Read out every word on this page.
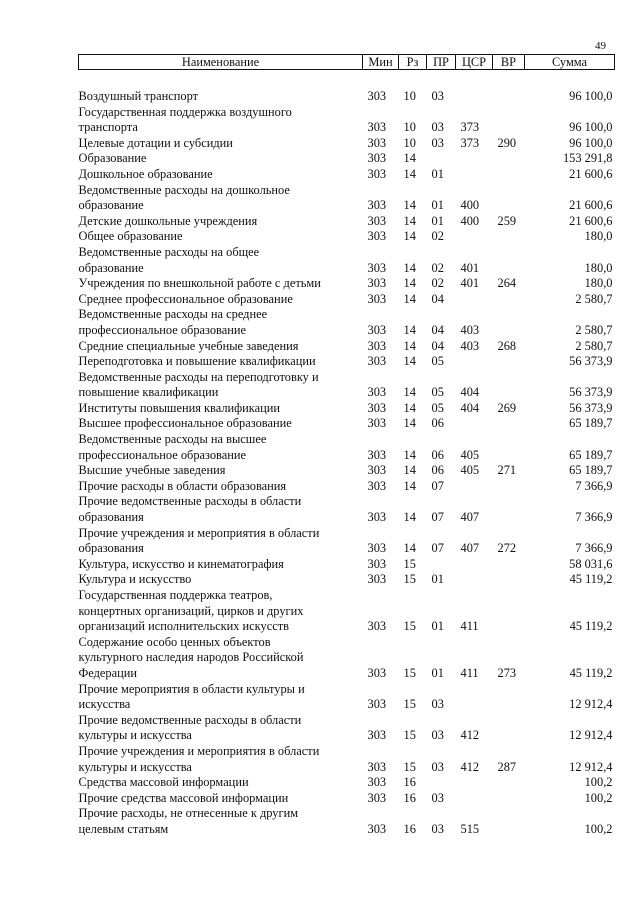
49
Наименование	Мин	Рз	ПР	ЦСР	ВР	Сумма

Воздушный транспорт	303	10	03			96 100,0
Государственная поддержка воздушного
транспорта	303	10	03	373		96 100,0
Целевые дотации и субсидии	303	10	03	373	290	96 100,0
Образование	303	14				153 291,8
Дошкольное образование	303	14	01			21 600,6
Ведомственные расходы на дошкольное
образование	303	14	01	400		21 600,6
Детские дошкольные учреждения	303	14	01	400	259	21 600,6
Общее образование	303	14	02			180,0
Ведомственные расходы на общее
образование	303	14	02	401		180,0
Учреждения по внешкольной работе с детьми	303	14	02	401	264	180,0
Среднее профессиональное образование	303	14	04			2 580,7
Ведомственные расходы на среднее
профессиональное образование	303	14	04	403		2 580,7
Средние специальные учебные заведения	303	14	04	403	268	2 580,7
Переподготовка и повышение квалификации	303	14	05			56 373,9
Ведомственные расходы на переподготовку и
повышение квалификации	303	14	05	404		56 373,9
Институты повышения квалификации	303	14	05	404	269	56 373,9
Высшее профессиональное образование	303	14	06			65 189,7
Ведомственные расходы на высшее
профессиональное образование	303	14	06	405		65 189,7
Высшие учебные заведения	303	14	06	405	271	65 189,7
Прочие расходы в области образования	303	14	07			7 366,9
Прочие ведомственные расходы в области
образования	303	14	07	407		7 366,9
Прочие учреждения и мероприятия в области
образования	303	14	07	407	272	7 366,9
Культура, искусство и кинематография	303	15				58 031,6
Культура и искусство	303	15	01			45 119,2
Государственная поддержка театров,
концертных организаций, цирков и других
организаций исполнительских искусств	303	15	01	411		45 119,2
Содержание особо ценных объектов
культурного наследия народов Российской
Федерации	303	15	01	411	273	45 119,2
Прочие мероприятия в области культуры и
искусства	303	15	03			12 912,4
Прочие ведомственные расходы в области
культуры и искусства	303	15	03	412		12 912,4
Прочие учреждения и мероприятия в области
культуры и искусства	303	15	03	412	287	12 912,4
Средства массовой информации	303	16				100,2
Прочие средства массовой информации	303	16	03			100,2
Прочие расходы, не отнесенные к другим
целевым статьям	303	16	03	515		100,2
